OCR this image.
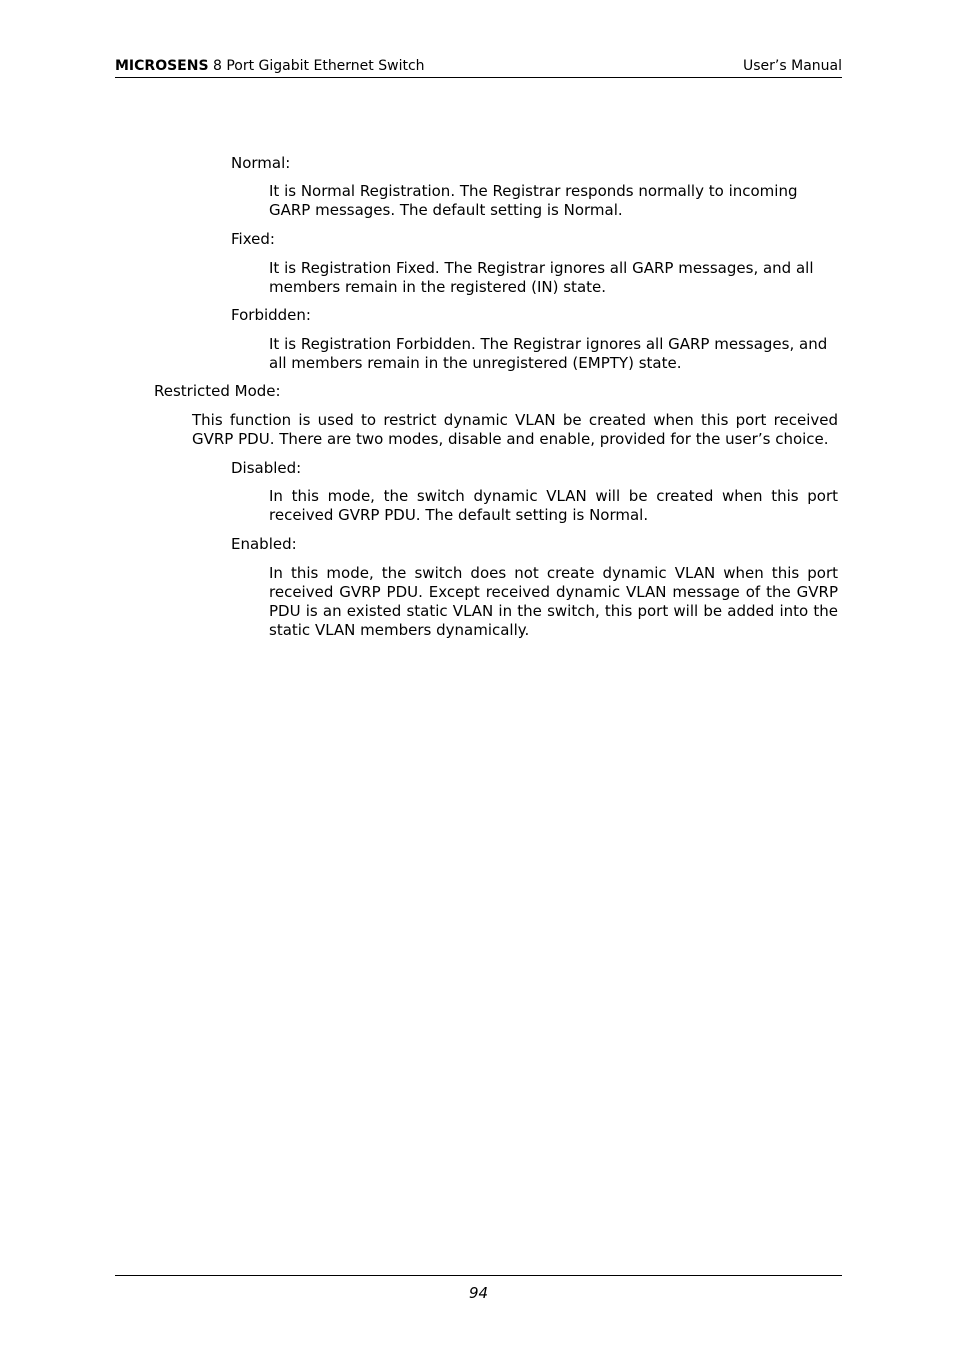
MICROSENS 8 Port Gigabit Ethernet Switch	User’s Manual
Normal:

It is Normal Registration. The Registrar responds normally to incoming GARP messages. The default setting is Normal.

Fixed:

It is Registration Fixed. The Registrar ignores all GARP messages, and all members remain in the registered (IN) state.

Forbidden:

It is Registration Forbidden. The Registrar ignores all GARP messages, and all members remain in the unregistered (EMPTY) state.

Restricted Mode:

This function is used to restrict dynamic VLAN be created when this port received GVRP PDU. There are two modes, disable and enable, provided for the user’s choice.

Disabled:

In this mode, the switch dynamic VLAN will be created when this port received GVRP PDU. The default setting is Normal.

Enabled:

In this mode, the switch does not create dynamic VLAN when this port received GVRP PDU. Except received dynamic VLAN message of the GVRP PDU is an existed static VLAN in the switch, this port will be added into the static VLAN members dynamically.

94
